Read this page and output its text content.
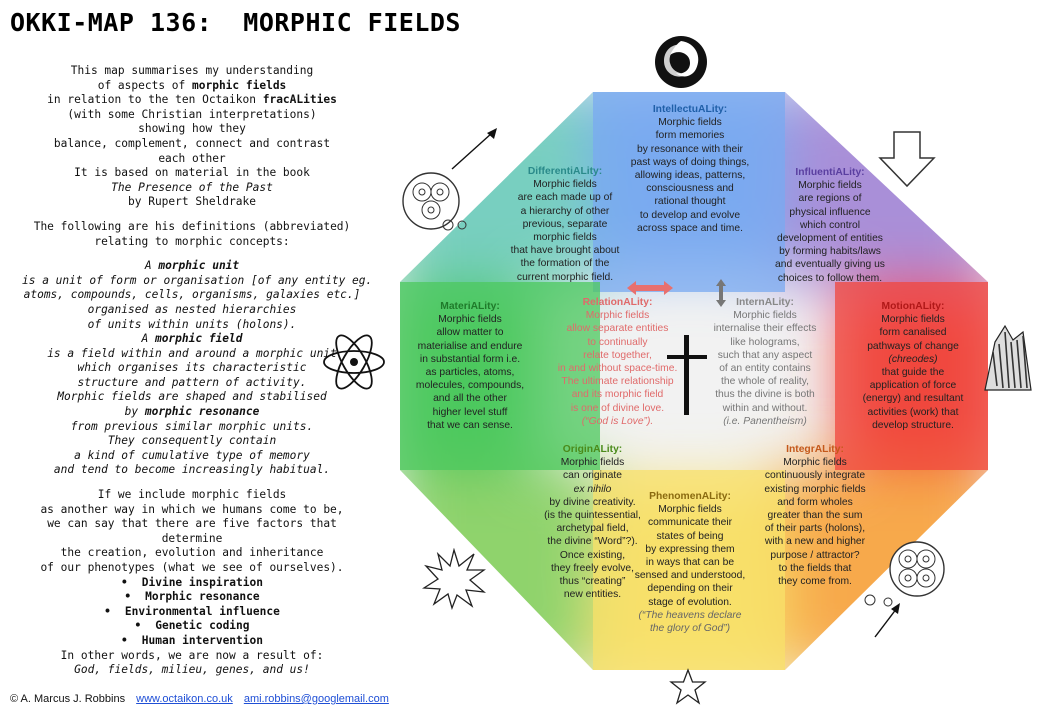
OKKI-MAP 136:  MORPHIC FIELDS
This map summarises my understanding
of aspects of morphic fields
in relation to the ten Octaikon fracALities
(with some Christian interpretations)
showing how they
balance, complement, connect and contrast
each other
It is based on material in the book
The Presence of the Past
by Rupert Sheldrake
The following are his definitions (abbreviated)
relating to morphic concepts:
A morphic unit
is a unit of form or organisation [of any entity eg.
atoms, compounds, cells, organisms, galaxies etc.]
organised as nested hierarchies
of units within units (holons).
A morphic field
is a field within and around a morphic unit
which organises its characteristic
structure and pattern of activity.
Morphic fields are shaped and stabilised
by morphic resonance
from previous similar morphic units.
They consequently contain
a kind of cumulative type of memory
and tend to become increasingly habitual.
If we include morphic fields
as another way in which we humans come to be,
we can say that there are five factors that
determine
the creation, evolution and inheritance
of our phenotypes (what we see of ourselves).
• Divine inspiration
• Morphic resonance
• Environmental influence
• Genetic coding
• Human intervention
In other words, we are now a result of:
God, fields, milieu, genes, and us!
© A. Marcus J. Robbins www.octaikon.co.uk ami.robbins@googlemail.com
IntellectuALity:
Morphic fields
form memories
by resonance with their
past ways of doing things,
allowing ideas, patterns,
consciousness and
rational thought
to develop and evolve
across space and time.
DifferentiALity:
Morphic fields
are each made up of
a hierarchy of other
previous, separate
morphic fields
that have brought about
the formation of the
current morphic field.
InfluentiALity:
Morphic fields
are regions of
physical influence
which control
development of entities
by forming habits/laws
and eventually giving us
choices to follow them.
MateriALity:
Morphic fields
allow matter to
materialise and endure
in substantial form i.e.
as particles, atoms,
molecules, compounds,
and all the other
higher level stuff
that we can sense.
RelationALity:
Morphic fields
allow separate entities
to continually
relate together,
in and without space-time.
The ultimate relationship
and its morphic field
is one of divine love.
(“God is Love”).
InternALity:
Morphic fields
internalise their effects
like holograms,
such that any aspect
of an entity contains
the whole of reality,
thus the divine is both
within and without.
(i.e. Panentheism)
MotionALity:
Morphic fields
form canalised
pathways of change
(chreodes)
that guide the
application of force
(energy) and resultant
activities (work) that
develop structure.
OriginALity:
Morphic fields
can originate
ex nihilo
by divine creativity.
(is the quintessential,
archetypal field,
the divine “Word”?).
Once existing,
they freely evolve,
thus “creating”
new entities.
IntegrALity:
Morphic fields
continuously integrate
existing morphic fields
and form wholes
greater than the sum
of their parts (holons),
with a new and higher
purpose / attractor?
to the fields that
they come from.
PhenomenALity:
Morphic fields
communicate their
states of being
by expressing them
in ways that can be
sensed and understood,
depending on their
stage of evolution.
(“The heavens declare
the glory of God”)
